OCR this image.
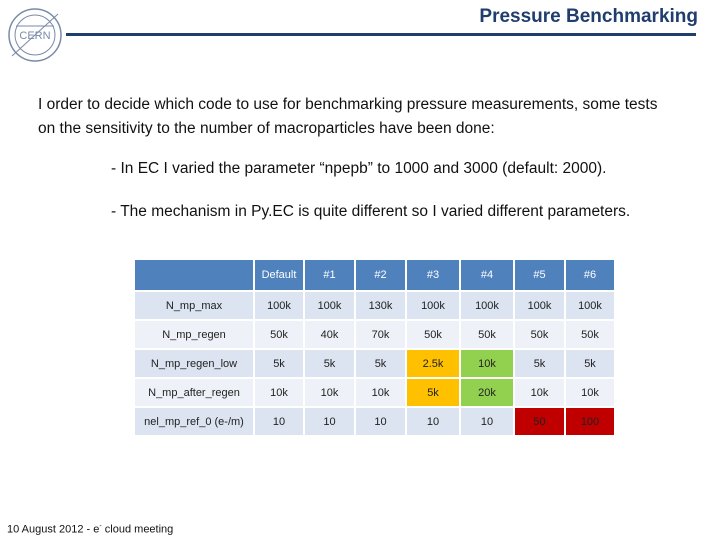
CERN
Pressure Benchmarking
I order to decide which code to use for benchmarking pressure measurements, some tests on the sensitivity to the number of macroparticles have been done:
- In EC I varied the parameter “npepb” to 1000 and 3000 (default: 2000).
- The mechanism in Py.EC is quite different so I varied different parameters.
	Default	#1	#2	#3	#4	#5	#6
N_mp_max	100k	100k	130k	100k	100k	100k	100k
N_mp_regen	50k	40k	70k	50k	50k	50k	50k
N_mp_regen_low	5k	5k	5k	2.5k	10k	5k	5k
N_mp_after_regen	10k	10k	10k	5k	20k	10k	10k
nel_mp_ref_0 (e-/m)	10	10	10	10	10	50	100
10 August 2012 - e- cloud meeting
